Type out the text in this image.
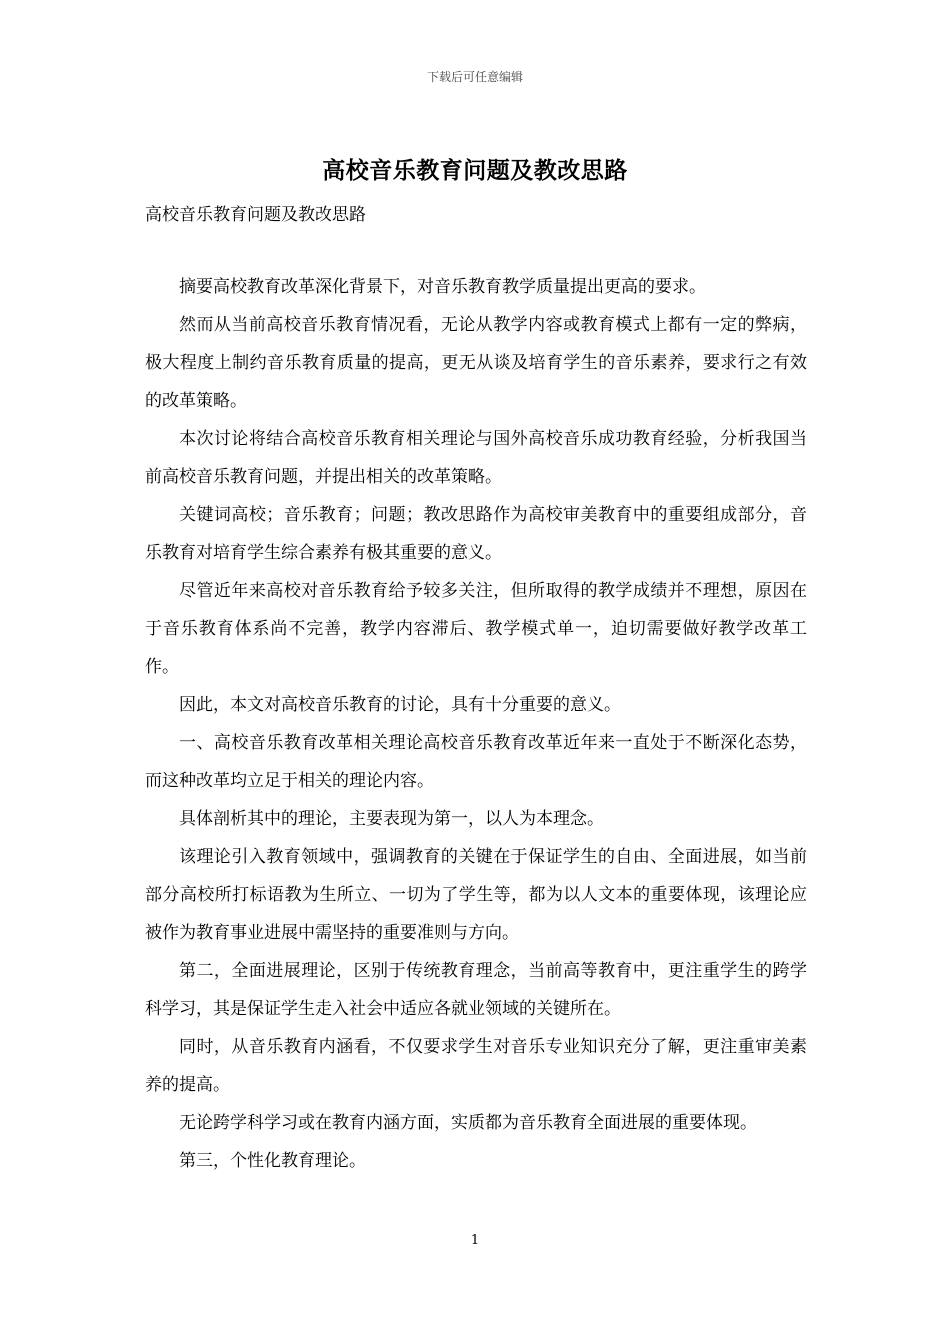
下载后可任意编辑
高校音乐教育问题及教改思路
高校音乐教育问题及教改思路

摘要高校教育改革深化背景下，对音乐教育教学质量提出更高的要求。

然而从当前高校音乐教育情况看，无论从教学内容或教育模式上都有一定的弊病，极大程度上制约音乐教育质量的提高，更无从谈及培育学生的音乐素养，要求行之有效的改革策略。

本次讨论将结合高校音乐教育相关理论与国外高校音乐成功教育经验，分析我国当前高校音乐教育问题，并提出相关的改革策略。

关键词高校；音乐教育；问题；教改思路作为高校审美教育中的重要组成部分，音乐教育对培育学生综合素养有极其重要的意义。

尽管近年来高校对音乐教育给予较多关注，但所取得的教学成绩并不理想，原因在于音乐教育体系尚不完善，教学内容滞后、教学模式单一，迫切需要做好教学改革工作。

因此，本文对高校音乐教育的讨论，具有十分重要的意义。

一、高校音乐教育改革相关理论高校音乐教育改革近年来一直处于不断深化态势，而这种改革均立足于相关的理论内容。

具体剖析其中的理论，主要表现为第一，以人为本理念。

该理论引入教育领域中，强调教育的关键在于保证学生的自由、全面进展，如当前部分高校所打标语教为生所立、一切为了学生等，都为以人文本的重要体现，该理论应被作为教育事业进展中需坚持的重要准则与方向。

第二，全面进展理论，区别于传统教育理念，当前高等教育中，更注重学生的跨学科学习，其是保证学生走入社会中适应各就业领域的关键所在。

同时，从音乐教育内涵看，不仅要求学生对音乐专业知识充分了解，更注重审美素养的提高。

无论跨学科学习或在教育内涵方面，实质都为音乐教育全面进展的重要体现。

第三，个性化教育理论。

1
